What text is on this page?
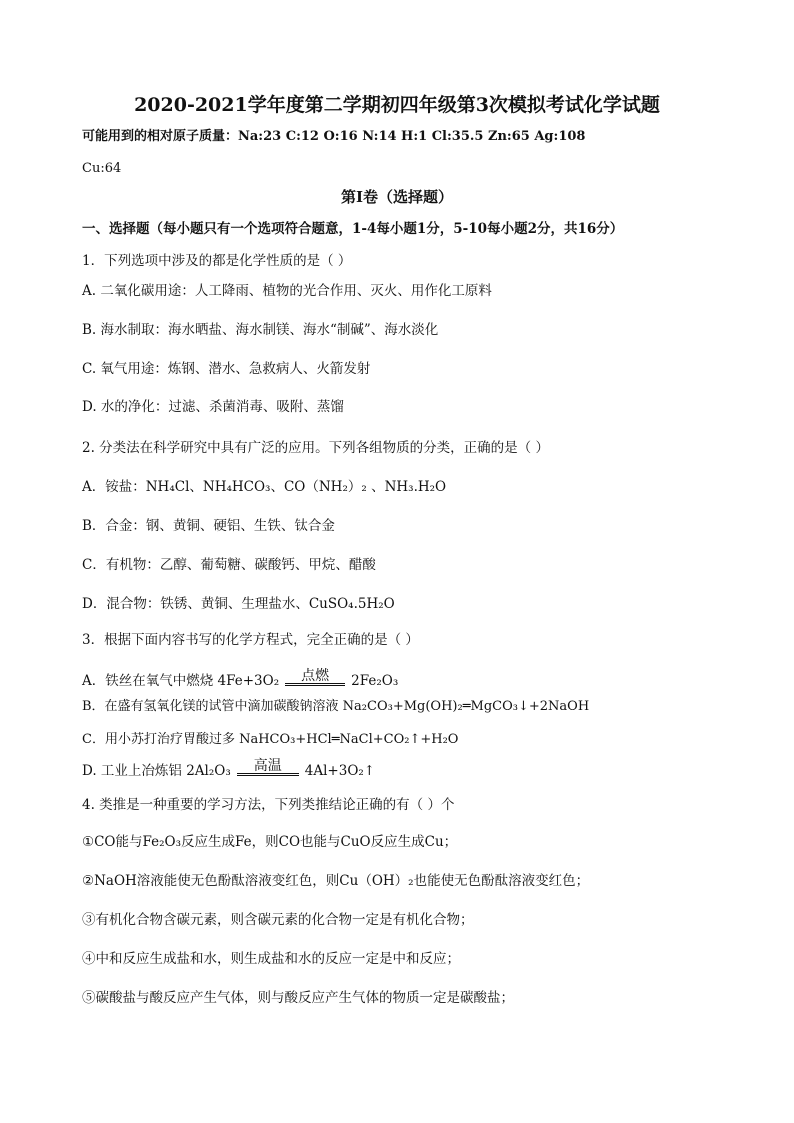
2020-2021学年度第二学期初四年级第3次模拟考试化学试题
可能用到的相对原子质量：Na:23 C:12 O:16 N:14 H:1 Cl:35.5 Zn:65 Ag:108
Cu:64
第Ⅰ卷（选择题）
一、选择题（每小题只有一个选项符合题意，1-4每小题1分，5-10每小题2分，共16分）
1．下列选项中涉及的都是化学性质的是（ ）
A. 二氧化碳用途：人工降雨、植物的光合作用、灭火、用作化工原料
B. 海水制取：海水晒盐、海水制镁、海水“制碱”、海水淡化
C. 氧气用途：炼钢、潜水、急救病人、火箭发射
D. 水的净化：过滤、杀菌消毒、吸附、蒸馏
2. 分类法在科学研究中具有广泛的应用。下列各组物质的分类，正确的是（ ）
A．铵盐：NH₄Cl、NH₄HCO₃、CO（NH₂）₂ 、NH₃.H₂O
B．合金：钢、黄铜、硬铝、生铁、钛合金
C．有机物：乙醇、葡萄糖、碳酸钙、甲烷、醋酸
D．混合物：铁锈、黄铜、生理盐水、CuSO₄.5H₂O
3．根据下面内容书写的化学方程式，完全正确的是（ ）
A．铁丝在氧气中燃烧 4Fe+3O₂	点燃	2Fe₂O₃
B．在盛有氢氧化镁的试管中滴加碳酸钠溶液 Na₂CO₃+Mg(OH)₂═MgCO₃↓+2NaOH
C．用小苏打治疗胃酸过多 NaHCO₃+HCl═NaCl+CO₂↑+H₂O
D. 工业上冶炼铝 2Al₂O₃	高温	4Al+3O₂↑
4. 类推是一种重要的学习方法，下列类推结论正确的有（ ）个
①CO能与Fe₂O₃反应生成Fe，则CO也能与CuO反应生成Cu；
②NaOH溶液能使无色酚酞溶液变红色，则Cu（OH）₂也能使无色酚酞溶液变红色；
③有机化合物含碳元素，则含碳元素的化合物一定是有机化合物；
④中和反应生成盐和水，则生成盐和水的反应一定是中和反应；
⑤碳酸盐与酸反应产生气体，则与酸反应产生气体的物质一定是碳酸盐；
